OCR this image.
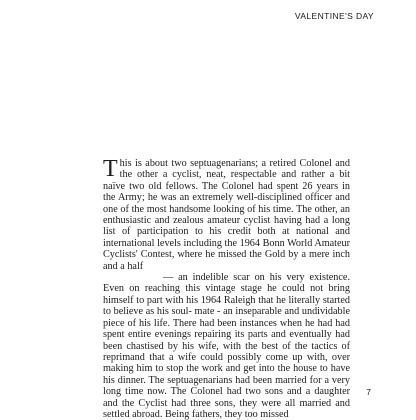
VALENTINE'S DAY

This is about two septuagenarians; a retired Colonel and the other a cyclist, neat, respectable and rather a bit naïve two old fellows. The Colonel had spent 26 years in the Army; he was an extremely well-disciplined officer and one of the most handsome looking of his time. The other, an enthusiastic and zealous amateur cyclist having had a long list of participation to his credit both at national and international levels including the 1964 Bonn World Amateur Cyclists' Contest, where he missed the Gold by a mere inch and a half

— an indelible scar on his very existence. Even on reaching this vintage stage he could not bring himself to part with his 1964 Raleigh that he literally started to believe as his soul- mate - an inseparable and undividable piece of his life. There had been instances when he had had spent entire evenings repairing its parts and eventually had been chastised by his wife, with the best of the tactics of reprimand that a wife could possibly come up with, over making him to stop the work and get into the house to have his dinner. The septuagenarians had been married for a very long time now. The Colonel had two sons and a daughter and the Cyclist had three sons, they were all married and settled abroad. Being fathers, they too missed

7
